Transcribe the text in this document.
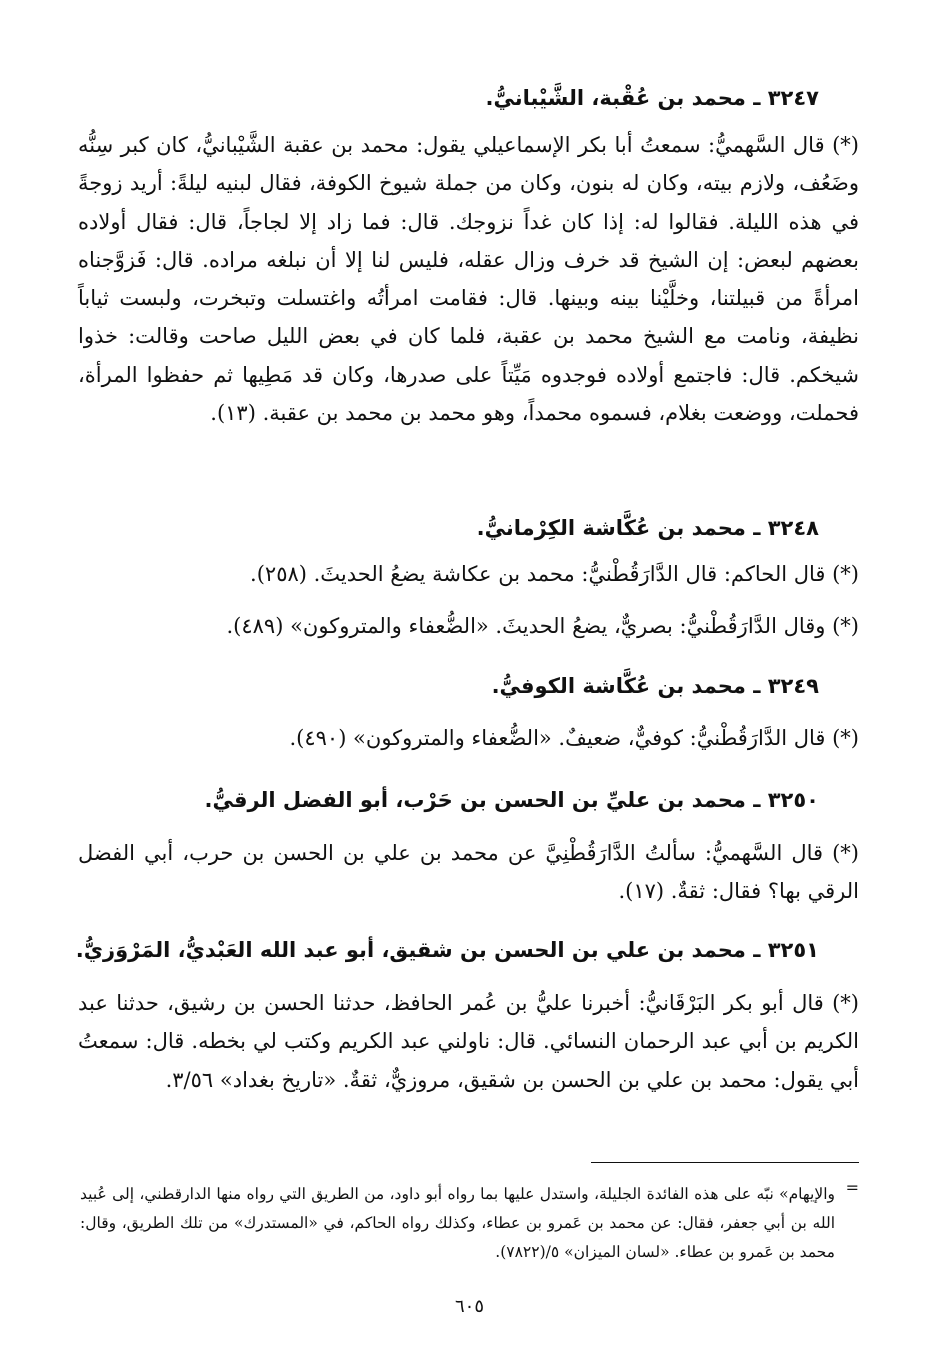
٣٢٤٧ ـ محمد بن عُقْبة، الشَّيْبانيُّ.
(*) قال السَّهميُّ: سمعتُ أبا بكر الإسماعيلي يقول: محمد بن عقبة الشَّيْبانيُّ، كان كبر سِنُّه وضَعُف، ولازم بيته، وكان له بنون، وكان من جملة شيوخ الكوفة، فقال لبنيه ليلةً: أريد زوجةً في هذه الليلة. فقالوا له: إذا كان غداً نزوجك. قال: فما زاد إلا لجاجاً، قال: فقال أولاده بعضهم لبعض: إن الشيخ قد خرف وزال عقله، فليس لنا إلا أن نبلغه مراده. قال: فَزوَّجناه امرأةً من قبيلتنا، وخلَّيْنا بينه وبينها. قال: فقامت امرأتُه واغتسلت وتبخرت، ولبست ثياباً نظيفة، ونامت مع الشيخ محمد بن عقبة، فلما كان في بعض الليل صاحت وقالت: خذوا شيخكم. قال: فاجتمع أولاده فوجدوه مَيِّتاً على صدرها، وكان قد مَطِيها ثم حفظوا المرأة، فحملت، ووضعت بغلام، فسموه محمداً، وهو محمد بن محمد بن عقبة. (١٣).
٣٢٤٨ ـ محمد بن عُكَّاشة الكِرْمانيُّ.
(*) قال الحاكم: قال الدَّارَقُطْنيُّ: محمد بن عكاشة يضعُ الحديثَ. (٢٥٨).
(*) وقال الدَّارَقُطْنيُّ: بصريٌّ، يضعُ الحديثَ. «الضُّعفاء والمتروكون» (٤٨٩).
٣٢٤٩ ـ محمد بن عُكَّاشة الكوفيُّ.
(*) قال الدَّارَقُطْنيُّ: كوفيٌّ، ضعيفٌ. «الضُّعفاء والمتروكون» (٤٩٠).
٣٢٥٠ ـ محمد بن عليِّ بن الحسن بن حَرْب، أبو الفضل الرقيُّ.
(*) قال السَّهميُّ: سألتُ الدَّارَقُطْنِيَّ عن محمد بن علي بن الحسن بن حرب، أبي الفضل الرقي بها؟ فقال: ثقةٌ. (١٧).
٣٢٥١ ـ محمد بن علي بن الحسن بن شقيق، أبو عبد الله العَبْديُّ، المَرْوَزيُّ.
(*) قال أبو بكر البَرْقَانيُّ: أخبرنا عليُّ بن عُمر الحافظ، حدثنا الحسن بن رشيق، حدثنا عبد الكريم بن أبي عبد الرحمان النسائي. قال: ناولني عبد الكريم وكتب لي بخطه. قال: سمعتُ أبي يقول: محمد بن علي بن الحسن بن شقيق، مروزيٌّ، ثقةٌ. «تاريخ بغداد» ٣/٥٦.
=
والإيهام» نبّه على هذه الفائدة الجليلة، واستدل عليها بما رواه أبو داود، من الطريق التي رواه منها الدارقطني، إلى عُبيد الله بن أبي جعفر، فقال: عن محمد بن عَمرو بن عطاء، وكذلك رواه الحاكم، في «المستدرك» من تلك الطريق، وقال: محمد بن عَمرو بن عطاء. «لسان الميزان» ٥/(٧٨٢٢).
٦٠٥
